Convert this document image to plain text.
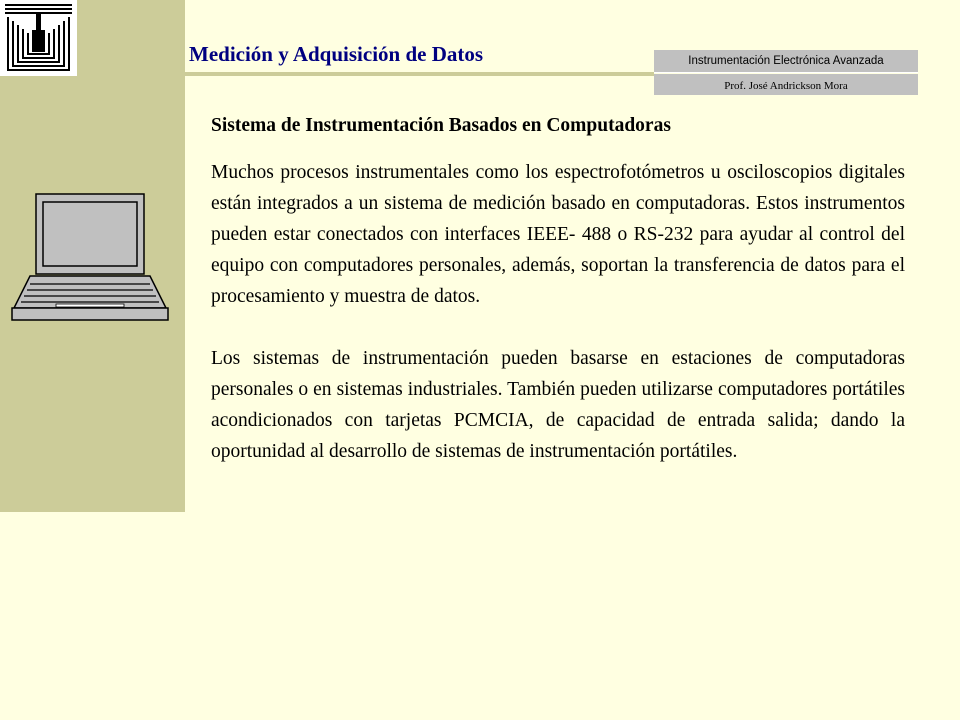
Medición y Adquisición de Datos	Instrumentación Electrónica Avanzada
Prof. José Andrickson Mora
Sistema de Instrumentación Basados en Computadoras
Muchos procesos instrumentales como los espectrofotómetros u osciloscopios digitales están integrados a un sistema de medición basado en computadoras. Estos instrumentos pueden estar conectados con interfaces IEEE- 488 o RS-232 para ayudar al control del equipo con computadores personales, además, soportan la transferencia de datos para el procesamiento y muestra de datos.
Los sistemas de instrumentación pueden basarse en estaciones de computadoras personales o en sistemas industriales. También pueden utilizarse computadores portátiles acondicionados con tarjetas PCMCIA, de capacidad de entrada salida; dando la oportunidad al desarrollo de sistemas de instrumentación portátiles.
